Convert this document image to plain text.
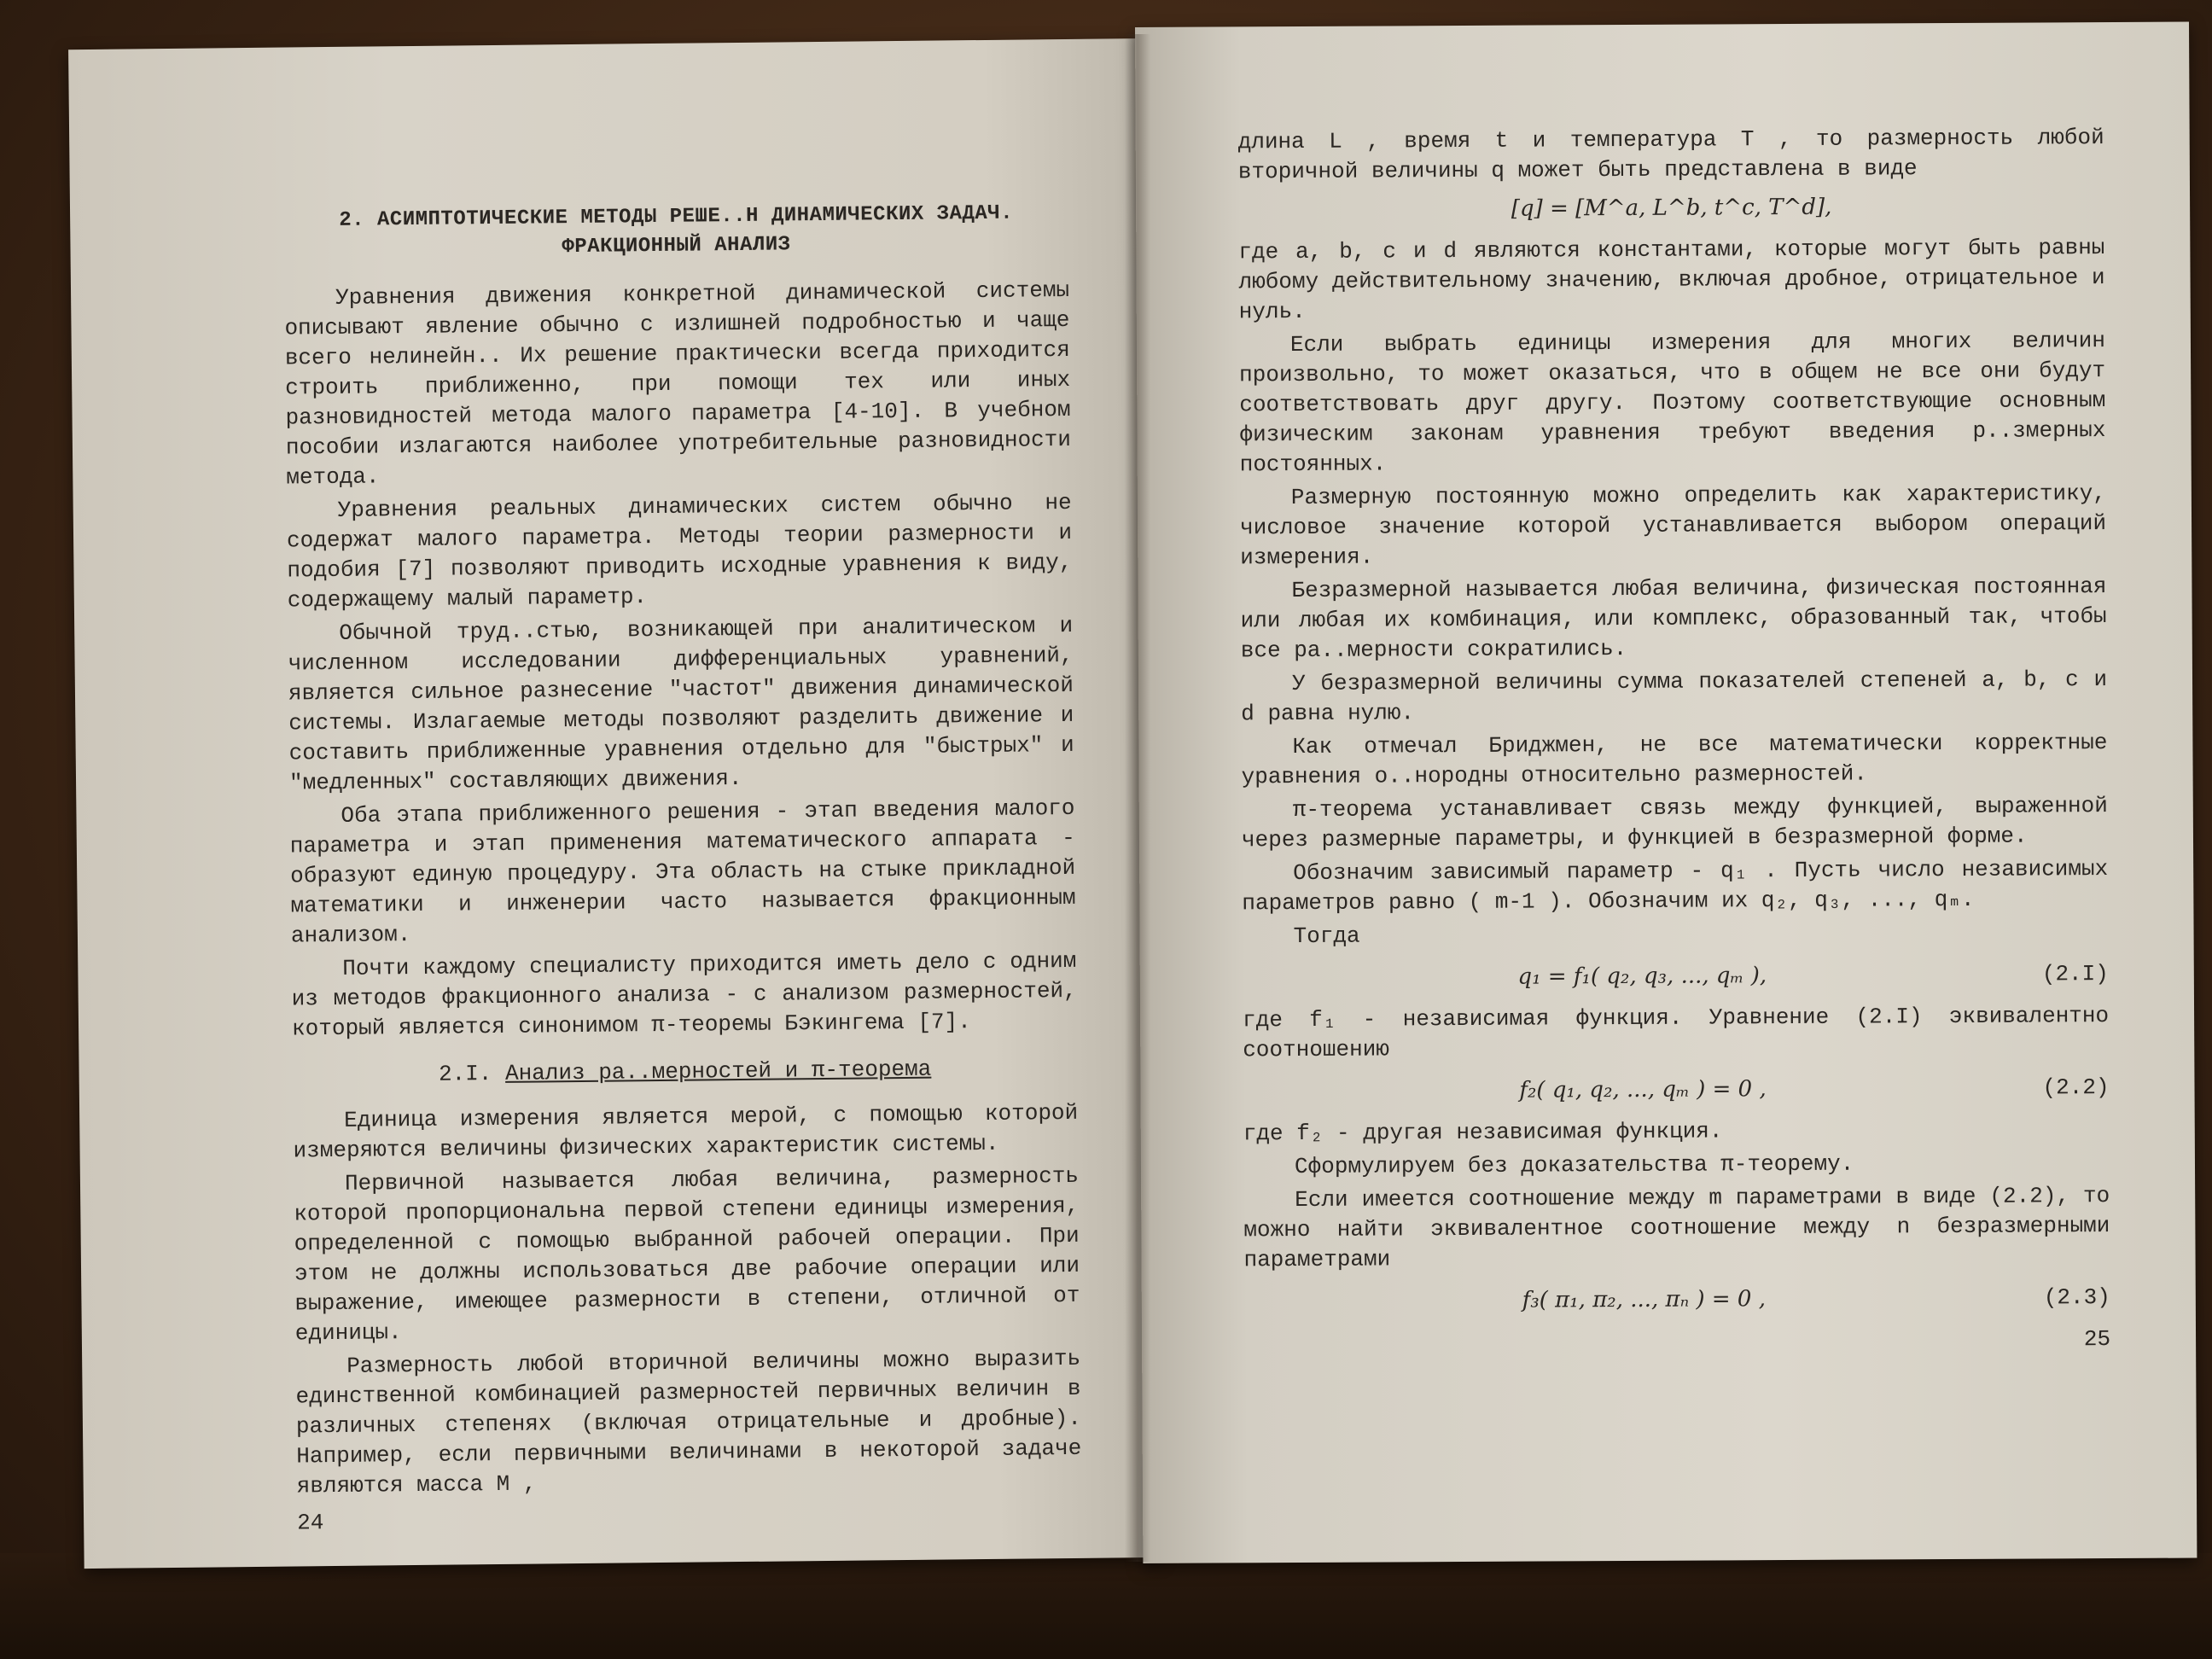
2. АСИМПТОТИЧЕСКИЕ МЕТОДЫ РЕШЕ..Н ДИНАМИЧЕСКИХ ЗАДАЧ.
ФРАКЦИОННЫЙ АНАЛИЗ

Уравнения движения конкретной динамической системы описывают явление обычно с излишней подробностью и чаще всего нелинейн.. Их решение практически всегда приходится строить приближенно, при помощи тех или иных разновидностей метода малого параметра [4-10]. В учебном пособии излагаются наиболее употребительные разновидности метода.

Уравнения реальных динамических систем обычно не содержат малого параметра. Методы теории размерности и подобия [7] позволяют приводить исходные уравнения к виду, содержащему малый параметр.

Обычной труд..стью, возникающей при аналитическом и численном исследовании дифференциальных уравнений, является сильное разнесение "частот" движения динамической системы. Излагаемые методы позволяют разделить движение и составить приближенные уравнения отдельно для "быстрых" и "медленных" составляющих движения.

Оба этапа приближенного решения - этап введения малого параметра и этап применения математического аппарата - образуют единую процедуру. Эта область на стыке прикладной математики и инженерии часто называется фракционным анализом.

Почти каждому специалисту приходится иметь дело с одним из методов фракционного анализа - с анализом размерностей, который является синонимом π-теоремы Бэкингема [7].

2.I. Анализ ра..мерностей и π-теорема

Единица измерения является мерой, с помощью которой измеряются величины физических характеристик системы.

Первичной называется любая величина, размерность которой пропорциональна первой степени единицы измерения, определенной с помощью выбранной рабочей операции. При этом не должны использоваться две рабочие операции или выражение, имеющее размерности в степени, отличной от единицы.

Размерность любой вторичной величины можно выразить единственной комбинацией размерностей первичных величин в различных степенях (включая отрицательные и дробные). Например, если первичными величинами в некоторой задаче являются масса M ,

24

длина L , время t и температура T , то размерность любой вторичной величины q может быть представлена в виде

[q] = [M^a, L^b, t^c, T^d],

где a, b, c и d являются константами, которые могут быть равны любому действительному значению, включая дробное, отрицательное и нуль.

Если выбрать единицы измерения для многих величин произвольно, то может оказаться, что в общем не все они будут соответствовать друг другу. Поэтому соответствующие основным физическим законам уравнения требуют введения р..змерных постоянных.

Размерную постоянную можно определить как характеристику, числовое значение которой устанавливается выбором операций измерения.

Безразмерной называется любая величина, физическая постоянная или любая их комбинация, или комплекс, образованный так, чтобы все ра..мерности сократились.

У безразмерной величины сумма показателей степеней a, b, c и d равна нулю.

Как отмечал Бриджмен, не все математически корректные уравнения о..нородны относительно размерностей.

π-теорема устанавливает связь между функцией, выраженной через размерные параметры, и функцией в безразмерной форме.

Обозначим зависимый параметр - q₁ . Пусть число независимых параметров равно ( m-1 ). Обозначим их q₂, q₃, ..., qₘ.

Тогда

q₁ = f₁( q₂, q₃, ..., qₘ ),	(2.I)

где f₁ - независимая функция. Уравнение (2.I) эквивалентно соотношению

f₂( q₁, q₂, ..., qₘ ) = 0 ,	(2.2)

где f₂ - другая независимая функция.

Сформулируем без доказательства π-теорему.

Если имеется соотношение между m параметрами в виде (2.2), то можно найти эквивалентное соотношение между n безразмерными параметрами

f₃( π₁, π₂, ..., πₙ ) = 0 ,	(2.3)
25
